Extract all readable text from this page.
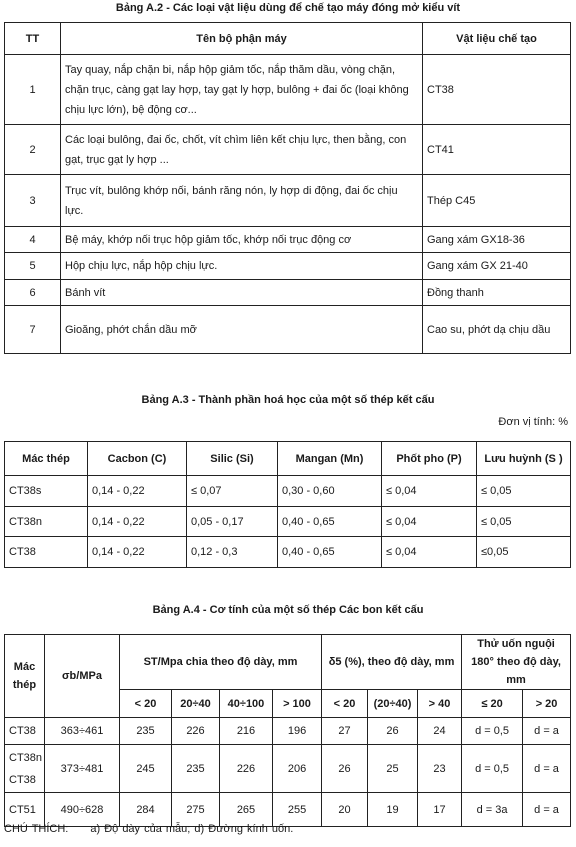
Bảng A.2 - Các loại vật liệu dùng để chế tạo máy đóng mở kiểu vít
TT	Tên bộ phận máy	Vật liệu chế tạo
1	Tay quay, nắp chặn bi, nắp hộp giảm tốc, nắp thăm dầu, vòng chặn, chặn trục, càng gạt lay hợp, tay gạt ly hợp, bulông + đai ốc (loại không chịu lực lớn), bệ động cơ...	CT38
2	Các loại bulông, đai ốc, chốt, vít chìm liên kết chịu lực, then bằng, con gạt, trục gạt ly hợp ...	CT41
3	Trục vít, bulông khớp nối, bánh răng nón, ly hợp di động, đai ốc chịu lực.	Thép C45
4	Bệ máy, khớp nối trục hộp giảm tốc, khớp nối trục động cơ	Gang xám GX18-36
5	Hộp chịu lực, nắp hộp chịu lực.	Gang xám GX 21-40
6	Bánh vít	Đồng thanh
7	Gioăng, phớt chắn dầu mỡ	Cao su, phớt dạ chịu dầu
Bảng A.3 - Thành phần hoá học của một số thép kết cấu
Đơn vị tính: %
Mác thép	Cacbon (C)	Silic (Si)	Mangan (Mn)	Phốt pho (P)	Lưu huỳnh (S )
CT38s	0,14 - 0,22	≤ 0,07	0,30 - 0,60	≤ 0,04	≤ 0,05
CT38n	0,14 - 0,22	0,05 - 0,17	0,40 - 0,65	≤ 0,04	≤ 0,05
CT38	0,14 - 0,22	0,12 - 0,3	0,40 - 0,65	≤ 0,04	≤0,05
Bảng A.4 - Cơ tính của một số thép Các bon kết cấu
Mác thép	σb/MPa	ST/Mpa chia theo độ dày, mm				δ5 (%), theo độ dày, mm			Thử uốn nguội 180° theo độ dày, mm	
		< 20	20÷40	40÷100	> 100	< 20	(20÷40)	> 40	≤ 20	> 20
CT38	363÷461	235	226	216	196	27	26	24	d = 0,5	d = a
CT38n CT38	373÷481	245	235	226	206	26	25	23	d = 0,5	d = a
CT51	490÷628	284	275	265	255	20	19	17	d = 3a	d = a
CHÚ THÍCH: a) Độ dày của mẫu; d) Đường kính uốn.
